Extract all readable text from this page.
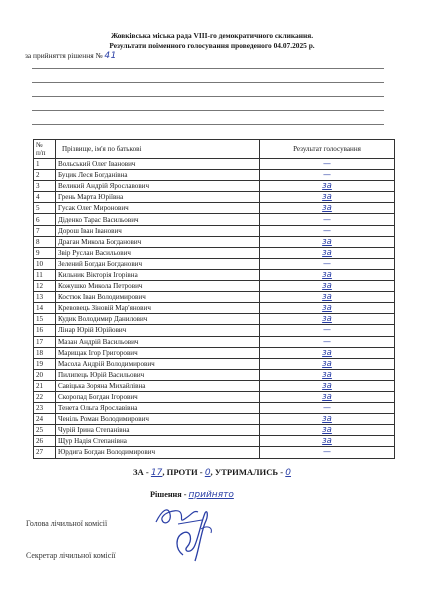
Жовківська міська рада VIII-го демократичного скликання.
Результати поіменного голосування проведеного 04.07.2025 р.
за прийняття рішення № 41
№
п/п	Прізвище, ім'я по батькові	Результат голосування
1	Вольський Олег Іванович	—
2	Буцик Леся Богданівна	—
3	Великий Андрій Ярославович	за
4	Грень Марта Юріївна	за
5	Гусак Олег Миронович	за
6	Діденко Тарас Васильович	—
7	Дорош Іван Іванович	—
8	Драган Микола Богданович	за
9	Звір Руслан Васильович	за
10	Зелений Богдан Богданович	—
11	Кильник Вікторія Ігорівна	за
12	Кожушко Микола Петрович	за
13	Костюк Іван Володимирович	за
14	Кревовець Зіновій Мар'янович	за
15	Кудик Володимир Данилович	за
16	Лінар Юрій Юрійович	—
17	Мазан Андрій Васильович	—
18	Марищак Ігор Григорович	за
19	Масола Андрій Володимирович	за
20	Пилипець Юрій Васильович	за
21	Савіцька Зоряна Михайлівна	за
22	Скоропад Богдан Ігорович	за
23	Тенета Ольга Ярославівна	—
24	Ченіль Роман Володимирович	за
25	Чурій Ірина Степанівна	за
26	Щур Надія Степанівна	за
27	Юрдига Богдан Володимирович	—
ЗА - 17, ПРОТИ - 0, УТРИМАЛИСЬ - 0
Рішення - прийнято
Голова лічильної комісії
Секретар лічильної комісії
